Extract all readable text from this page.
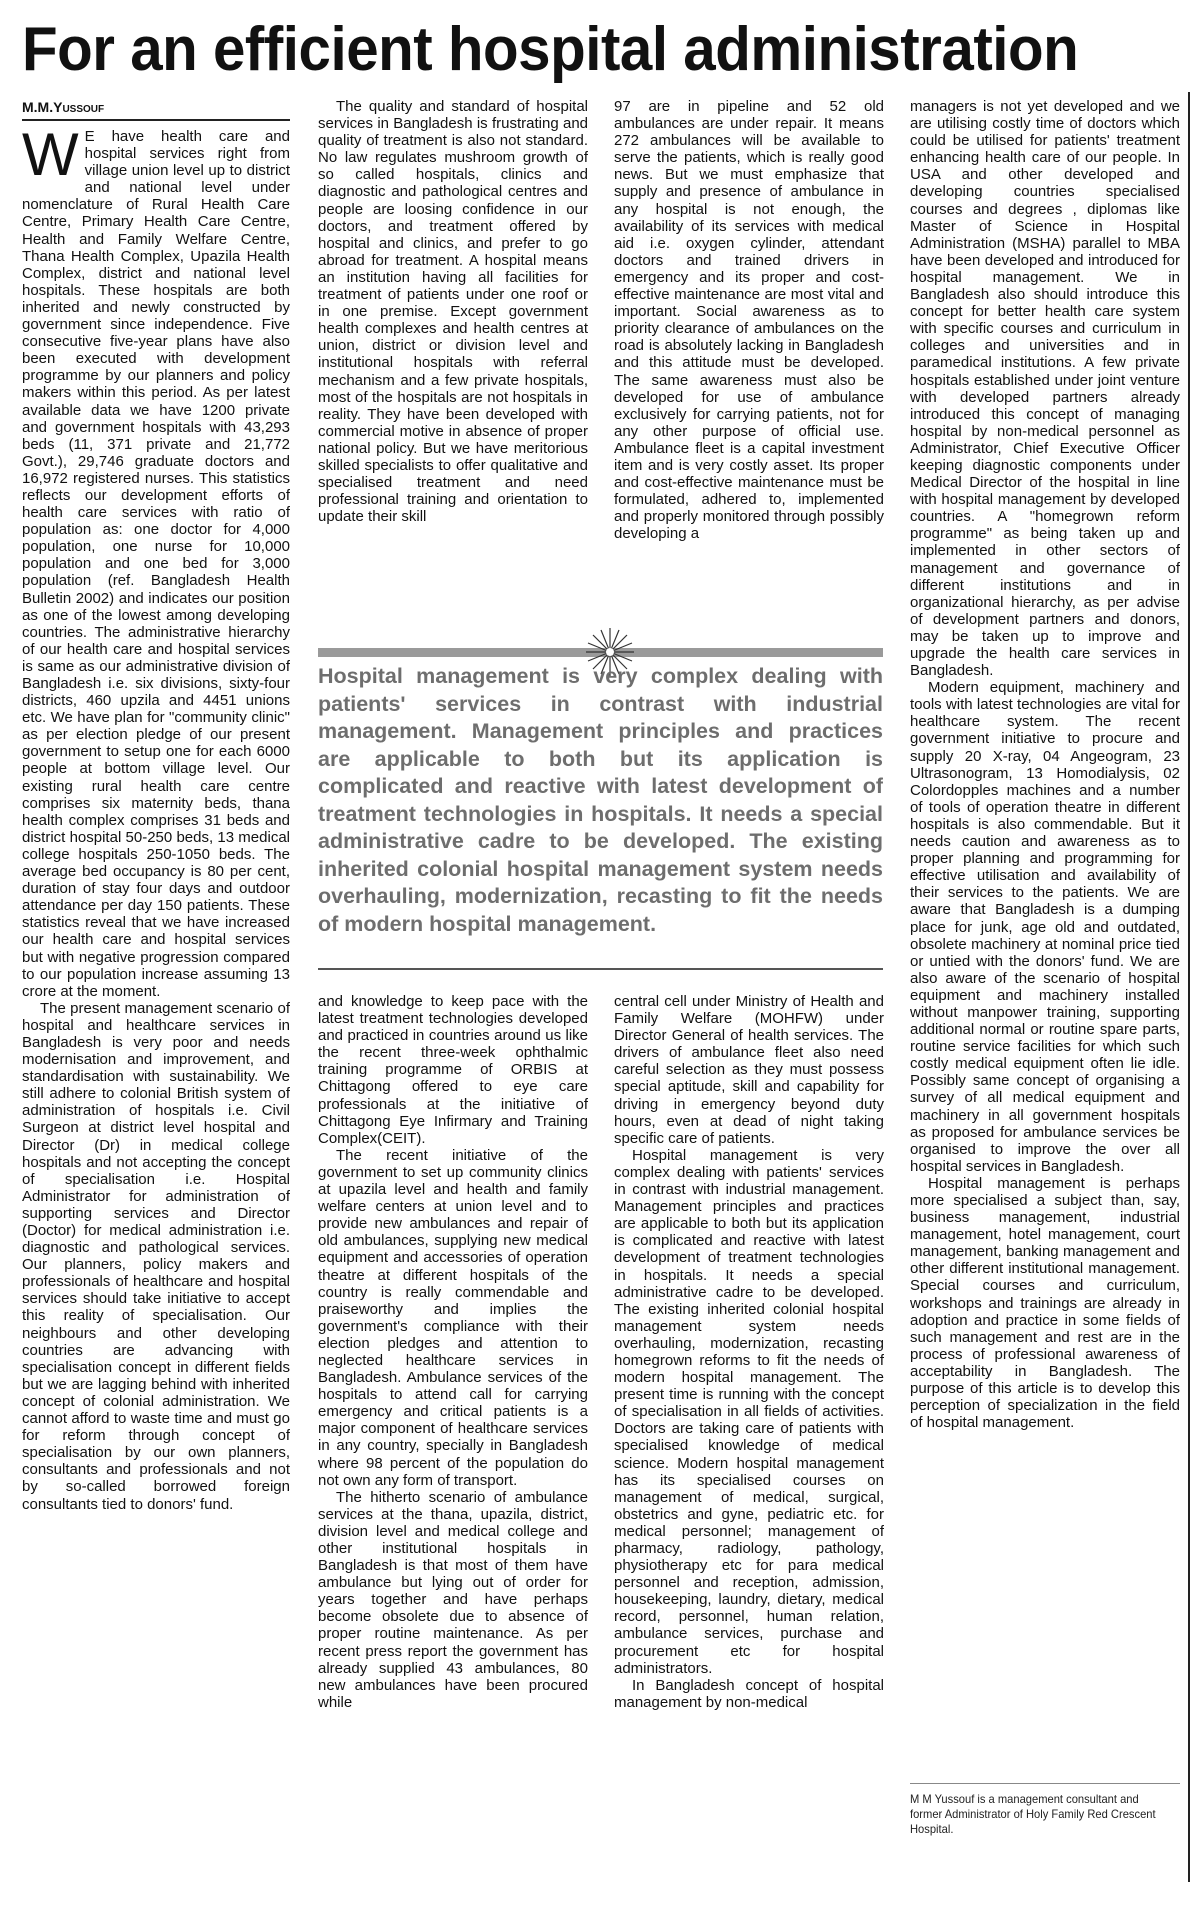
For an efficient hospital administration
M.M.Yussouf

W E have health care and hospital services right from village union level up to district and national level under nomenclature of Rural Health Care Centre, Primary Health Care Centre, Health and Family Welfare Centre, Thana Health Complex, Upazila Health Complex, district and national level hospitals. These hospitals are both inherited and newly constructed by government since independence. Five consecutive five-year plans have also been executed with development programme by our planners and policy makers within this period. As per latest available data we have 1200 private and government hospitals with 43,293 beds (11, 371 private and 21,772 Govt.), 29,746 graduate doctors and 16,972 registered nurses. This statistics reflects our development efforts of health care services with ratio of population as: one doctor for 4,000 population, one nurse for 10,000 population and one bed for 3,000 population (ref. Bangladesh Health Bulletin 2002) and indicates our position as one of the lowest among developing countries. The administrative hierarchy of our health care and hospital services is same as our administrative division of Bangladesh i.e. six divisions, sixty-four districts, 460 upzila and 4451 unions etc. We have plan for "community clinic" as per election pledge of our present government to setup one for each 6000 people at bottom village level. Our existing rural health care centre comprises six maternity beds, thana health complex comprises 31 beds and district hospital 50-250 beds, 13 medical college hospitals 250-1050 beds. The average bed occupancy is 80 per cent, duration of stay four days and outdoor attendance per day 150 patients. These statistics reveal that we have increased our health care and hospital services but with negative progression compared to our population increase assuming 13 crore at the moment.

The present management scenario of hospital and healthcare services in Bangladesh is very poor and needs modernisation and improvement, and standardisation with sustainability. We still adhere to colonial British system of administration of hospitals i.e. Civil Surgeon at district level hospital and Director (Dr) in medical college hospitals and not accepting the concept of specialisation i.e. Hospital Administrator for administration of supporting services and Director (Doctor) for medical administration i.e. diagnostic and pathological services. Our planners, policy makers and professionals of healthcare and hospital services should take initiative to accept this reality of specialisation. Our neighbours and other developing countries are advancing with specialisation concept in different fields but we are lagging behind with inherited concept of colonial administration. We cannot afford to waste time and must go for reform through concept of specialisation by our own planners, consultants and professionals and not by so-called borrowed foreign consultants tied to donors' fund.

The quality and standard of hospital services in Bangladesh is frustrating and quality of treatment is also not standard. No law regulates mushroom growth of so called hospitals, clinics and diagnostic and pathological centres and people are loosing confidence in our doctors, and treatment offered by hospital and clinics, and prefer to go abroad for treatment. A hospital means an institution having all facilities for treatment of patients under one roof or in one premise. Except government health complexes and health centres at union, district or division level and institutional hospitals with referral mechanism and a few private hospitals, most of the hospitals are not hospitals in reality. They have been developed with commercial motive in absence of proper national policy. But we have meritorious skilled specialists to offer qualitative and specialised treatment and need professional training and orientation to update their skill

97 are in pipeline and 52 old ambulances are under repair. It means 272 ambulances will be available to serve the patients, which is really good news. But we must emphasize that supply and presence of ambulance in any hospital is not enough, the availability of its services with medical aid i.e. oxygen cylinder, attendant doctors and trained drivers in emergency and its proper and cost-effective maintenance are most vital and important. Social awareness as to priority clearance of ambulances on the road is absolutely lacking in Bangladesh and this attitude must be developed. The same awareness must also be developed for use of ambulance exclusively for carrying patients, not for any other purpose of official use. Ambulance fleet is a capital investment item and is very costly asset. Its proper and cost-effective maintenance must be formulated, adhered to, implemented and properly monitored through possibly developing a

Hospital management is very complex dealing with patients' services in contrast with industrial management. Management principles and practices are applicable to both but its application is complicated and reactive with latest development of treatment technologies in hospitals. It needs a special administrative cadre to be developed. The existing inherited colonial hospital management system needs overhauling, modernization, recasting to fit the needs of modern hospital management.

and knowledge to keep pace with the latest treatment technologies developed and practiced in countries around us like the recent three-week ophthalmic training programme of ORBIS at Chittagong offered to eye care professionals at the initiative of Chittagong Eye Infirmary and Training Complex(CEIT).

The recent initiative of the government to set up community clinics at upazila level and health and family welfare centers at union level and to provide new ambulances and repair of old ambulances, supplying new medical equipment and accessories of operation theatre at different hospitals of the country is really commendable and praiseworthy and implies the government's compliance with their election pledges and attention to neglected healthcare services in Bangladesh. Ambulance services of the hospitals to attend call for carrying emergency and critical patients is a major component of healthcare services in any country, specially in Bangladesh where 98 percent of the population do not own any form of transport.

The hitherto scenario of ambulance services at the thana, upazila, district, division level and medical college and other institutional hospitals in Bangladesh is that most of them have ambulance but lying out of order for years together and have perhaps become obsolete due to absence of proper routine maintenance. As per recent press report the government has already supplied 43 ambulances, 80 new ambulances have been procured while

central cell under Ministry of Health and Family Welfare (MOHFW) under Director General of health services. The drivers of ambulance fleet also need careful selection as they must possess special aptitude, skill and capability for driving in emergency beyond duty hours, even at dead of night taking specific care of patients.

Hospital management is very complex dealing with patients' services in contrast with industrial management. Management principles and practices are applicable to both but its application is complicated and reactive with latest development of treatment technologies in hospitals. It needs a special administrative cadre to be developed. The existing inherited colonial hospital management system needs overhauling, modernization, recasting homegrown reforms to fit the needs of modern hospital management. The present time is running with the concept of specialisation in all fields of activities. Doctors are taking care of patients with specialised knowledge of medical science. Modern hospital management has its specialised courses on management of medical, surgical, obstetrics and gyne, pediatric etc. for medical personnel; management of pharmacy, radiology, pathology, physiotherapy etc for para medical personnel and reception, admission, housekeeping, laundry, dietary, medical record, personnel, human relation, ambulance services, purchase and procurement etc for hospital administrators.

In Bangladesh concept of hospital management by non-medical

managers is not yet developed and we are utilising costly time of doctors which could be utilised for patients' treatment enhancing health care of our people. In USA and other developed and developing countries specialised courses and degrees , diplomas like Master of Science in Hospital Administration (MSHA) parallel to MBA have been developed and introduced for hospital management. We in Bangladesh also should introduce this concept for better health care system with specific courses and curriculum in colleges and universities and in paramedical institutions. A few private hospitals established under joint venture with developed partners already introduced this concept of managing hospital by non-medical personnel as Administrator, Chief Executive Officer keeping diagnostic components under Medical Director of the hospital in line with hospital management by developed countries. A "homegrown reform programme" as being taken up and implemented in other sectors of management and governance of different institutions and in organizational hierarchy, as per advise of development partners and donors, may be taken up to improve and upgrade the health care services in Bangladesh.

Modern equipment, machinery and tools with latest technologies are vital for healthcare system. The recent government initiative to procure and supply 20 X-ray, 04 Angeogram, 23 Ultrasonogram, 13 Homodialysis, 02 Colordopples machines and a number of tools of operation theatre in different hospitals is also commendable. But it needs caution and awareness as to proper planning and programming for effective utilisation and availability of their services to the patients. We are aware that Bangladesh is a dumping place for junk, age old and outdated, obsolete machinery at nominal price tied or untied with the donors' fund. We are also aware of the scenario of hospital equipment and machinery installed without manpower training, supporting additional normal or routine spare parts, routine service facilities for which such costly medical equipment often lie idle. Possibly same concept of organising a survey of all medical equipment and machinery in all government hospitals as proposed for ambulance services be organised to improve the over all hospital services in Bangladesh.

Hospital management is perhaps more specialised a subject than, say, business management, industrial management, hotel management, court management, banking management and other different institutional management. Special courses and curriculum, workshops and trainings are already in adoption and practice in some fields of such management and rest are in the process of professional awareness of acceptability in Bangladesh. The purpose of this article is to develop this perception of specialization in the field of hospital management.

M M Yussouf is a management consultant and former Administrator of Holy Family Red Crescent Hospital.
